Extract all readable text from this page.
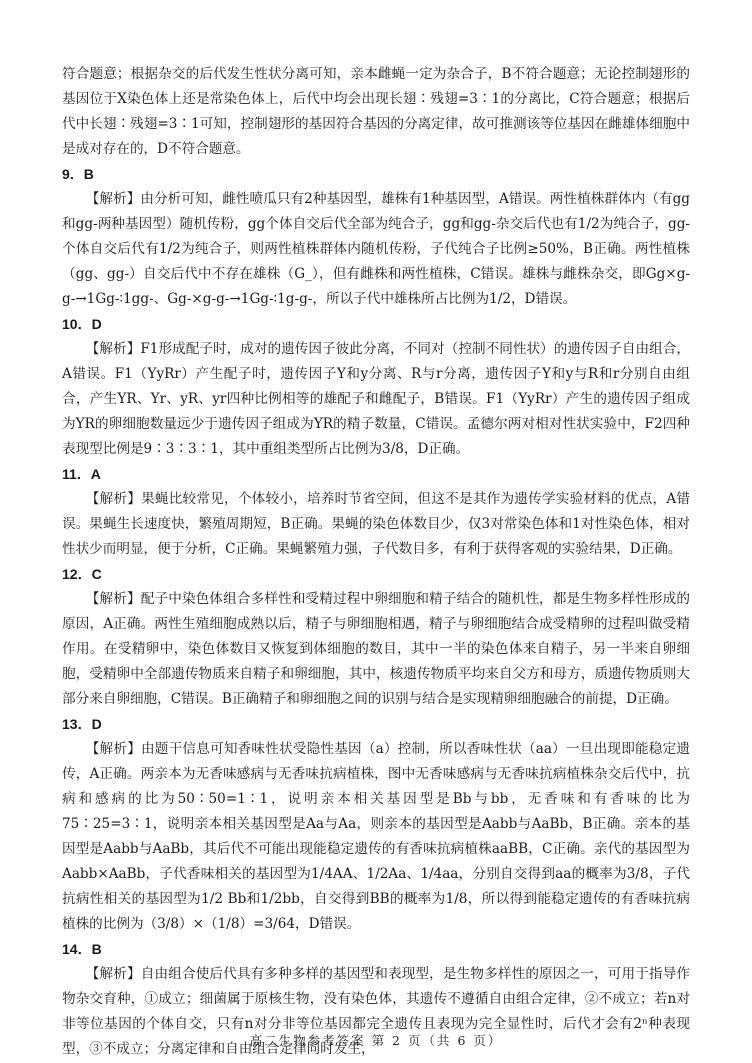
符合题意；根据杂交的后代发生性状分离可知，亲本雌蝇一定为杂合子，B不符合题意；无论控制翅形的基因位于X染色体上还是常染色体上，后代中均会出现长翅∶残翅=3∶1的分离比，C符合题意；根据后代中长翅∶残翅=3∶1可知，控制翅形的基因符合基因的分离定律，故可推测该等位基因在雌雄体细胞中是成对存在的，D不符合题意。

9．B

【解析】由分析可知，雌性喷瓜只有2种基因型，雄株有1种基因型，A错误。两性植株群体内（有gg和gg-两种基因型）随机传粉，gg个体自交后代全部为纯合子，gg和gg-杂交后代也有1/2为纯合子，gg-个体自交后代有1/2为纯合子，则两性植株群体内随机传粉，子代纯合子比例≥50%，B正确。两性植株（gg、gg-）自交后代中不存在雄株（G_），但有雌株和两性植株，C错误。雄株与雌株杂交，即Gg×g-g-→1Gg-∶1gg-、Gg-×g-g-→1Gg-∶1g-g-，所以子代中雄株所占比例为1/2，D错误。

10．D

【解析】F1形成配子时，成对的遗传因子彼此分离，不同对（控制不同性状）的遗传因子自由组合，A错误。F1（YyRr）产生配子时，遗传因子Y和y分离、R与r分离，遗传因子Y和y与R和r分别自由组合，产生YR、Yr、yR、yr四种比例相等的雄配子和雌配子，B错误。F1（YyRr）产生的遗传因子组成为YR的卵细胞数量远少于遗传因子组成为YR的精子数量，C错误。孟德尔两对相对性状实验中，F2四种表现型比例是9∶3∶3∶1，其中重组类型所占比例为3/8，D正确。

11．A

【解析】果蝇比较常见，个体较小，培养时节省空间，但这不是其作为遗传学实验材料的优点，A错误。果蝇生长速度快，繁殖周期短，B正确。果蝇的染色体数目少，仅3对常染色体和1对性染色体，相对性状少而明显，便于分析，C正确。果蝇繁殖力强，子代数目多，有利于获得客观的实验结果，D正确。

12．C

【解析】配子中染色体组合多样性和受精过程中卵细胞和精子结合的随机性，都是生物多样性形成的原因，A正确。两性生殖细胞成熟以后，精子与卵细胞相遇，精子与卵细胞结合成受精卵的过程叫做受精作用。在受精卵中，染色体数目又恢复到体细胞的数目，其中一半的染色体来自精子，另一半来自卵细胞，受精卵中全部遗传物质来自精子和卵细胞，其中，核遗传物质平均来自父方和母方，质遗传物质则大部分来自卵细胞，C错误。B正确精子和卵细胞之间的识别与结合是实现精卵细胞融合的前提，D正确。

13．D

【解析】由题干信息可知香味性状受隐性基因（a）控制，所以香味性状（aa）一旦出现即能稳定遗传，A正确。两亲本为无香味感病与无香味抗病植株，图中无香味感病与无香味抗病植株杂交后代中，抗病和感病的比为50∶50=1∶1，说明亲本相关基因型是Bb与bb，无香味和有香味的比为75∶25=3∶1，说明亲本相关基因型是Aa与Aa，则亲本的基因型是Aabb与AaBb，B正确。亲本的基因型是Aabb与AaBb，其后代不可能出现能稳定遗传的有香味抗病植株aaBB，C正确。亲代的基因型为Aabb×AaBb，子代香味相关的基因型为1/4AA、1/2Aa、1/4aa，分别自交得到aa的概率为3/8，子代抗病性相关的基因型为1/2 Bb和1/2bb，自交得到BB的概率为1/8，所以得到能稳定遗传的有香味抗病植株的比例为（3/8）×（1/8）=3/64，D错误。

14．B

【解析】自由组合使后代具有多种多样的基因型和表现型，是生物多样性的原因之一，可用于指导作物杂交育种，①成立；细菌属于原核生物，没有染色体，其遗传不遵循自由组合定律，②不成立；若n对非等位基因的个体自交，只有n对分非等位基因都完全遗传且表现为完全显性时，后代才会有2ⁿ种表现型，③不成立；分离定律和自由组合定律同时发生，

高二生物参考答案 第 2 页（共 6 页）
